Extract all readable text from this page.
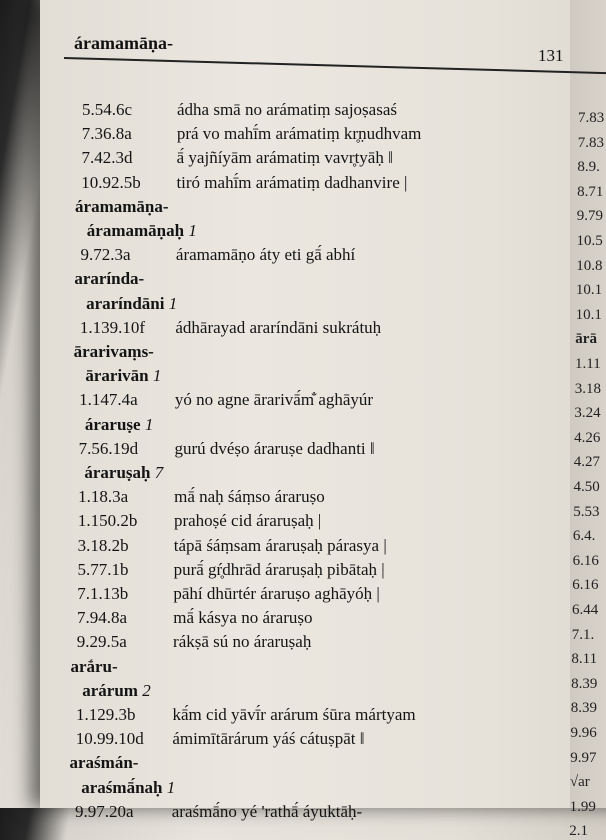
áramamāṇa-
131
5.54.6c	ádha smā no arámatiṃ sajoṣasaś
7.36.8a	prá vo mahī́m arámatiṃ kr̥ṇudhvam
7.42.3d	ā́ yajñíyām arámatiṃ vavr̥tyāḥ ‖
10.92.5b tiró mahī́m arámatiṃ dadhanvire |
áramamāṇa-
áramamāṇaḥ 1
9.72.3a	áramamāṇo áty eti gā́ abhí
ararínda-
araríndāni 1
1.139.10f ádhārayad araríndāni sukrátuḥ
ārarivaṃs-
ārarivān 1
1.147.4a yó no agne ārarivā́m̐ aghāyúr
áraruṣe 1
7.56.19d gurú dvéṣo áraruṣe dadhanti ‖
áraruṣaḥ 7
1.18.3a	mā́ naḥ śáṃso áraruṣo
1.150.2b prahoṣé cid áraruṣaḥ |
3.18.2b	tápā śáṃsam áraruṣaḥ párasya |
5.77.1b	purā́ gŕ̥dhrād áraruṣaḥ pibātaḥ |
7.1.13b	pāhí dhūrtér áraruṣo aghāyóḥ |
7.94.8a	mā́ kásya no áraruṣo
9.29.5a	rákṣā sú no áraruṣaḥ
arắru-
arárum 2
1.129.3b kā́m cid yāvī́r arárum śūra mártyam
10.99.10d ámimītārárum yáś cátuṣpāt ‖
araśmán-
araśmā́naḥ 1
9.97.20a araśmā́no yé 'rathā́ áyuktāḥ-
7.83
7.83
8.9.
8.71
9.79
10.5
10.8
10.1
10.1
ārā
1.11
3.18
3.24
4.26
4.27
4.50
5.53
6.4.
6.16
6.16
6.44
7.1.
8.11
8.39
8.39
9.96
9.97
√ar
1.99
2.1
